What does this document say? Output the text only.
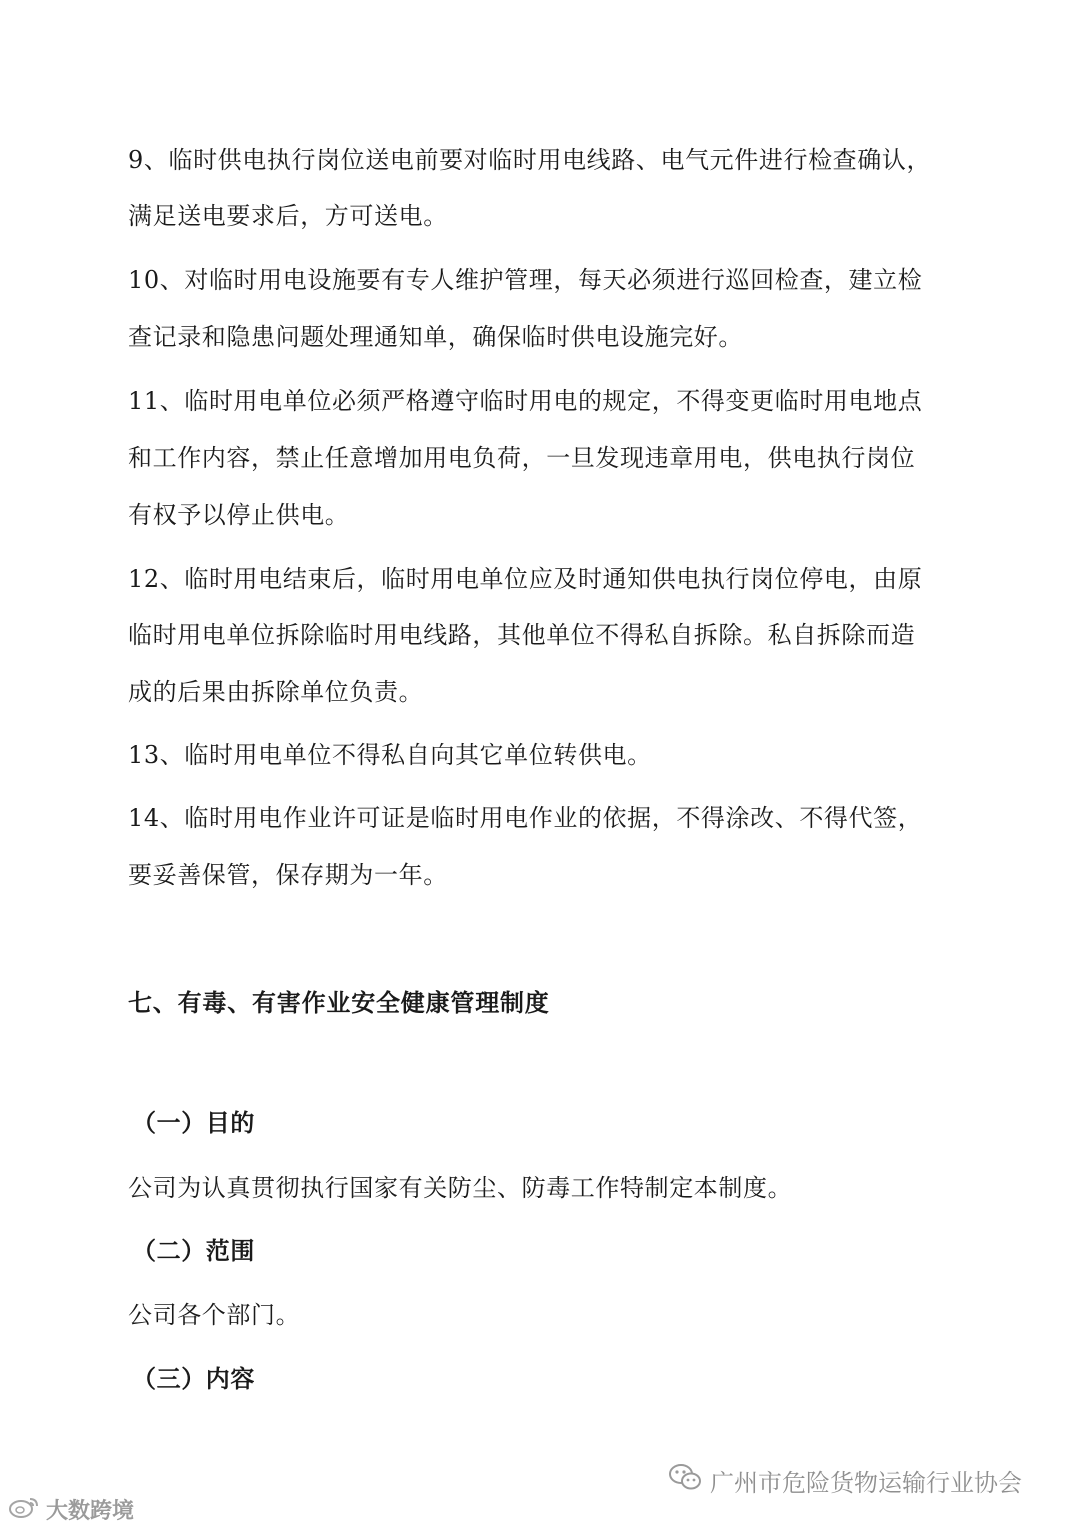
9、临时供电执行岗位送电前要对临时用电线路、电气元件进行检查确认，
满足送电要求后，方可送电。
10、对临时用电设施要有专人维护管理，每天必须进行巡回检查，建立检
查记录和隐患问题处理通知单，确保临时供电设施完好。
11、临时用电单位必须严格遵守临时用电的规定，不得变更临时用电地点
和工作内容，禁止任意增加用电负荷，一旦发现违章用电，供电执行岗位
有权予以停止供电。
12、临时用电结束后，临时用电单位应及时通知供电执行岗位停电，由原
临时用电单位拆除临时用电线路，其他单位不得私自拆除。私自拆除而造
成的后果由拆除单位负责。
13、临时用电单位不得私自向其它单位转供电。
14、临时用电作业许可证是临时用电作业的依据，不得涂改、不得代签，
要妥善保管，保存期为一年。
七、有毒、有害作业安全健康管理制度
（一）目的
公司为认真贯彻执行国家有关防尘、防毒工作特制定本制度。
（二）范围
公司各个部门。
（三）内容
广州市危险货物运输行业协会
大数跨境
